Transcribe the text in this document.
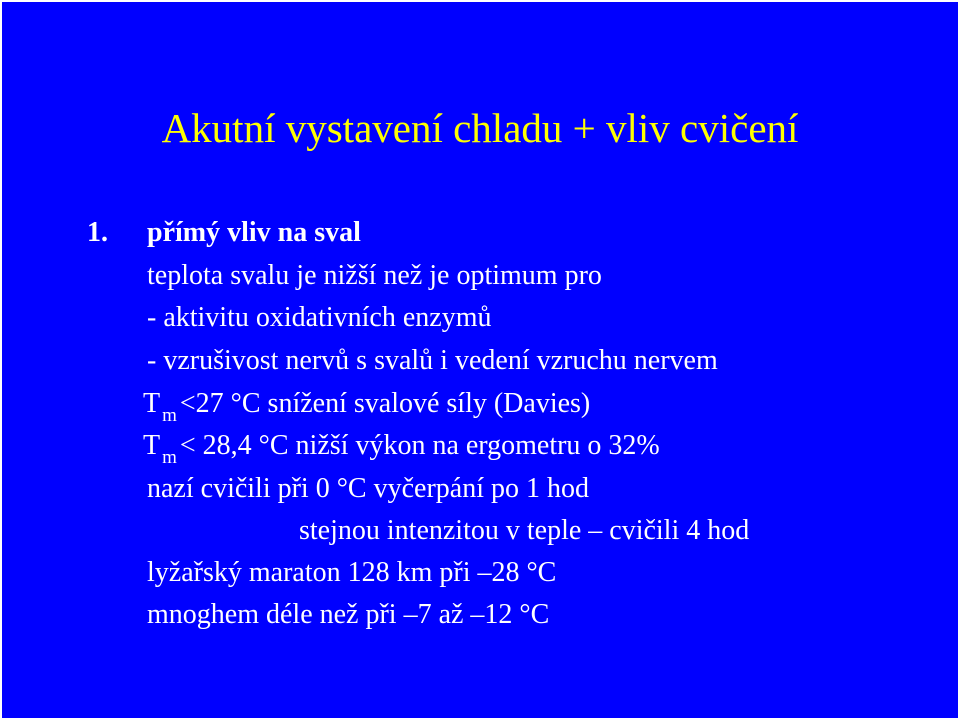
Akutní vystavení chladu + vliv cvičení
1. přímý vliv na sval
teplota svalu je nižší než je optimum pro
- aktivitu oxidativních enzymů
- vzrušivost nervů s svalů i vedení vzruchu nervem
T $_m$ <27 °C snížení svalové síly (Davies)
T $_m$ < 28,4 °C nižší výkon na ergometru o 32%
nazí cvičili při 0 °C vyčerpání po 1 hod
stejnou intenzitou v teple – cvičili 4 hod
lyžařský maraton 128 km při –28 °C
mnoghem déle než při –7 až –12 °C
